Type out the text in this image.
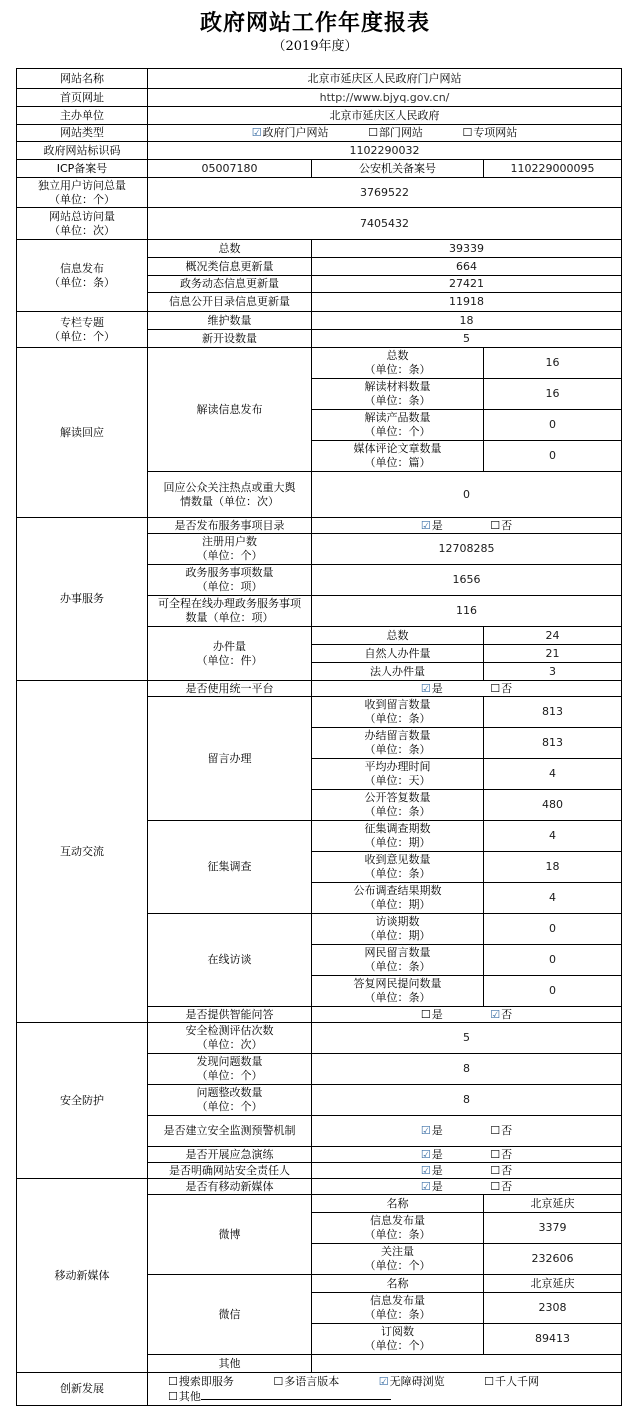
政府网站工作年度报表
（2019年度）
网站名称	北京市延庆区人民政府门户网站		
首页网址	http://www.bjyq.gov.cn/		
主办单位	北京市延庆区人民政府		
网站类型	☑政府门户网站 ☐部门网站 ☐专项网站		
政府网站标识码	1102290032		
ICP备案号	05007180	公安机关备案号	110229000095

独立用户访问总量
（单位：个）	3769522		

网站总访问量
（单位：次）	7405432		

信息发布
（单位：条）	总数	39339	
	概况类信息更新量	664	
	政务动态信息更新量	27421	
	信息公开目录信息更新量	11918	

专栏专题
（单位：个）	维护数量	18	
	新开设数量	5	
解读回应	解读信息发布	总数
（单位：条）	16

		解读材料数量
（单位：条）	16

		解读产品数量
（单位：个）	0

		媒体评论文章数量
（单位：篇）	0
	回应公众关注热点或重大舆情数量（单位：次）	0	
办事服务	是否发布服务事项目录	☑是 ☐否	

	注册用户数
（单位：个）	12708285	

	政务服务事项数量
（单位：项）	1656	
	可全程在线办理政务服务事项数量（单位：项）	116	

	办件量
（单位：件）	总数	24
		自然人办件量	21
		法人办件量	3
互动交流	是否使用统一平台	☑是 ☐否	
	留言办理	收到留言数量
（单位：条）	813

		办结留言数量
（单位：条）	813

		平均办理时间
（单位：天）	4

		公开答复数量
（单位：条）	480
	征集调查	征集调查期数
（单位：期）	4

		收到意见数量
（单位：条）	18

		公布调查结果期数
（单位：期）	4
	在线访谈	访谈期数
（单位：期）	0

		网民留言数量
（单位：条）	0

		答复网民提问数量
（单位：条）	0
	是否提供智能问答	☐是 ☑否	
安全防护	安全检测评估次数
（单位：次）	5	

	发现问题数量
（单位：个）	8	

	问题整改数量
（单位：个）	8	
	是否建立安全监测预警机制	☑是 ☐否	
	是否开展应急演练	☑是 ☐否	
	是否明确网站安全责任人	☑是 ☐否	
移动新媒体	是否有移动新媒体	☑是 ☐否	
	微博	名称	北京延庆

		信息发布量
（单位：条）	3379

		关注量
（单位：个）	232606
	微信	名称	北京延庆

		信息发布量
（单位：条）	2308

		订阅数
（单位：个）	89413
	其他		
创新发展	☐搜索即服务 ☐多语言版本 ☑无障碍浏览 ☐千人千网
☐其他		
